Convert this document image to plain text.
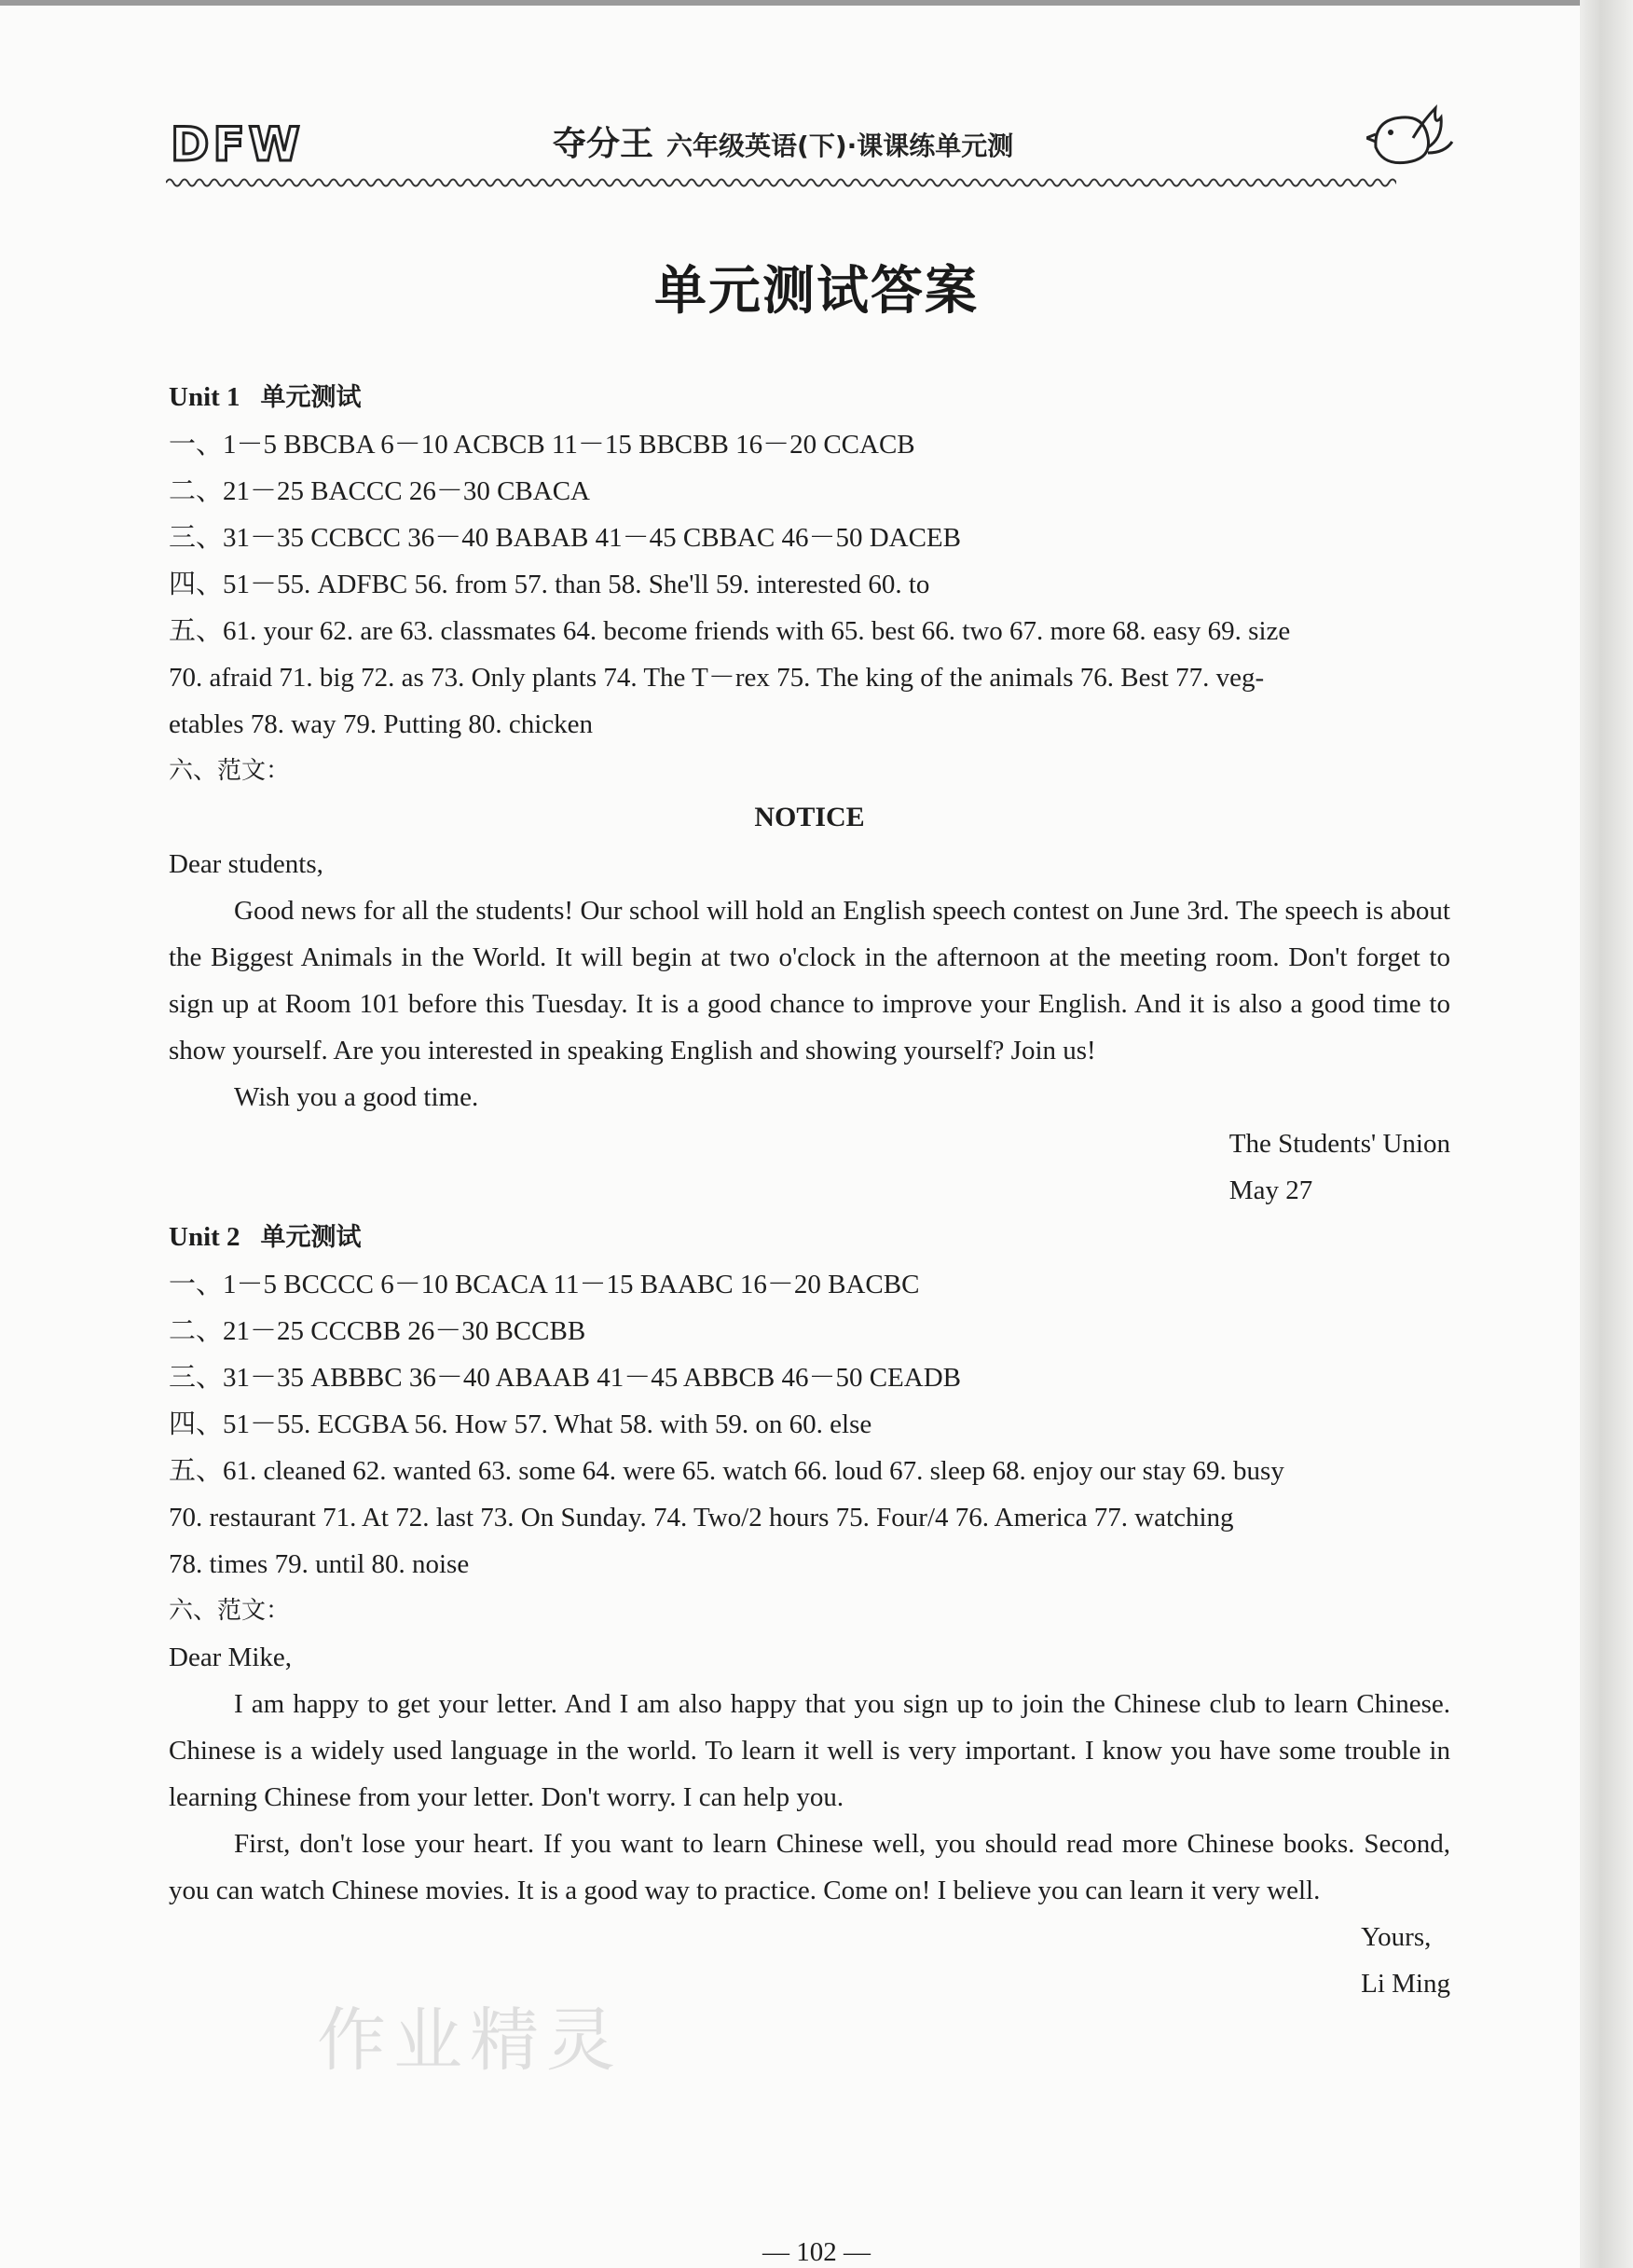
DFW	夺分王 六年级英语(下)·课课练单元测
单元测试答案
Unit 1 单元测试
一、1－5 BBCBA 6－10 ACBCB 11－15 BBCBB 16－20 CCACB
二、21－25 BACCC 26－30 CBACA
三、31－35 CCBCC 36－40 BABAB 41－45 CBBAC 46－50 DACEB
四、51－55. ADFBC 56. from 57. than 58. She'll 59. interested 60. to
五、61. your 62. are 63. classmates 64. become friends with 65. best 66. two 67. more 68. easy 69. size
70. afraid 71. big 72. as 73. Only plants 74. The T－rex 75. The king of the animals 76. Best 77. veg-
etables 78. way 79. Putting 80. chicken
六、范文：
NOTICE
Dear students,
Good news for all the students! Our school will hold an English speech contest on June 3rd. The speech is about the Biggest Animals in the World. It will begin at two o'clock in the afternoon at the meeting room. Don't forget to sign up at Room 101 before this Tuesday. It is a good chance to improve your English. And it is also a good time to show yourself. Are you interested in speaking English and showing yourself? Join us!
Wish you a good time.
The Students' Union
May 27
Unit 2 单元测试
一、1－5 BCCCC 6－10 BCACA 11－15 BAABC 16－20 BACBC
二、21－25 CCCBB 26－30 BCCBB
三、31－35 ABBBC 36－40 ABAAB 41－45 ABBCB 46－50 CEADB
四、51－55. ECGBA 56. How 57. What 58. with 59. on 60. else
五、61. cleaned 62. wanted 63. some 64. were 65. watch 66. loud 67. sleep 68. enjoy our stay 69. busy
70. restaurant 71. At 72. last 73. On Sunday. 74. Two/2 hours 75. Four/4 76. America 77. watching
78. times 79. until 80. noise
六、范文：
Dear Mike,
I am happy to get your letter. And I am also happy that you sign up to join the Chinese club to learn Chinese. Chinese is a widely used language in the world. To learn it well is very important. I know you have some trouble in learning Chinese from your letter. Don't worry. I can help you.
First, don't lose your heart. If you want to learn Chinese well, you should read more Chinese books. Second, you can watch Chinese movies. It is a good way to practice. Come on! I believe you can learn it very well.
Yours,
Li Ming
作业精灵
— 102 —
